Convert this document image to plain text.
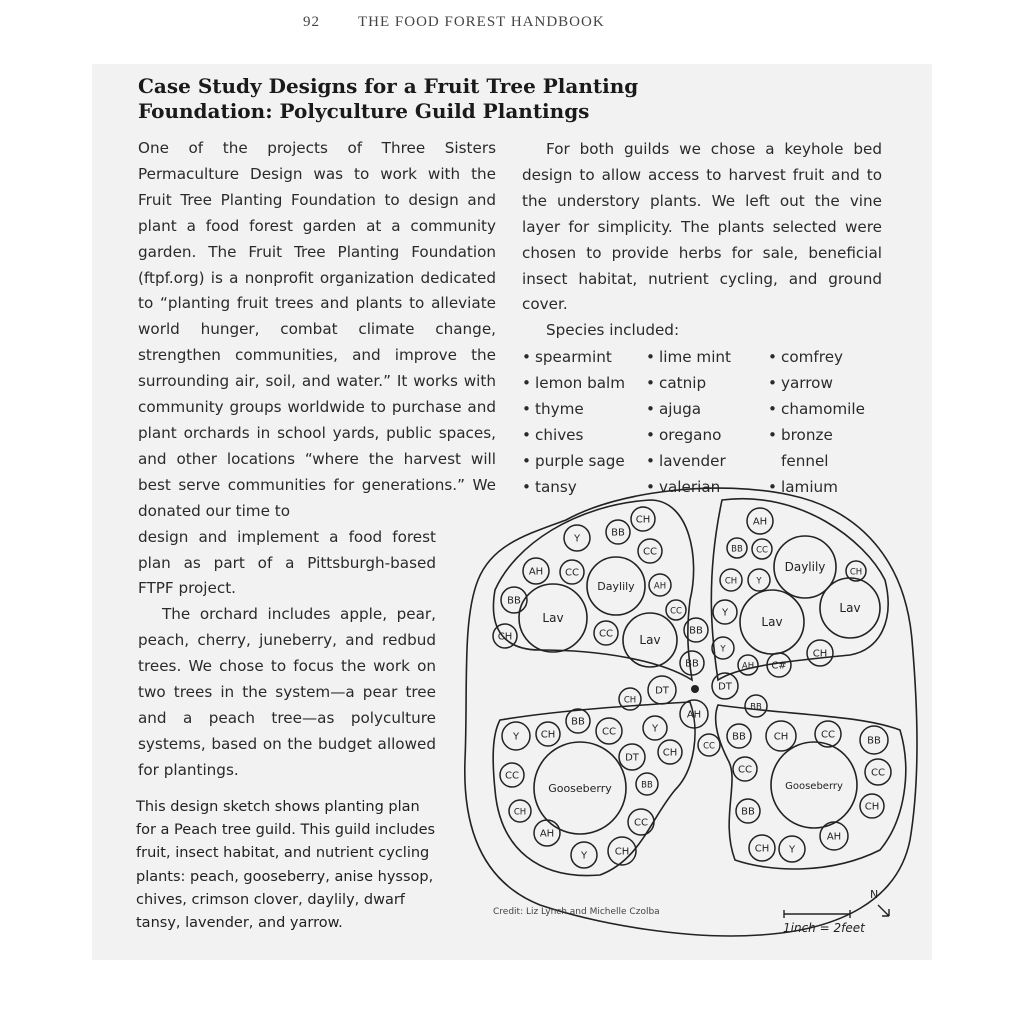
92	THE FOOD FOREST HANDBOOK
Case Study Designs for a Fruit Tree Planting Foundation: Polyculture Guild Plantings

One of the projects of Three Sisters Permaculture Design was to work with the Fruit Tree Planting Foundation to design and plant a food forest garden at a community garden. The Fruit Tree Planting Foundation (ftpf.org) is a nonprofit organization dedicated to “planting fruit trees and plants to alleviate world hunger, combat climate change, strengthen communities, and improve the surrounding air, soil, and water.” It works with community groups worldwide to purchase and plant orchards in school yards, public spaces, and other locations “where the harvest will best serve communities for generations.” We donated our time to

design and implement a food forest plan as part of a Pittsburgh-based FTPF project.

The orchard includes apple, pear, peach, cherry, juneberry, and redbud trees. We chose to focus the work on two trees in the system—a pear tree and a peach tree—as polyculture systems, based on the budget allowed for plantings.

For both guilds we chose a keyhole bed design to allow access to harvest fruit and to the understory plants. We left out the vine layer for simplicity. The plants selected were chosen to provide herbs for sale, beneficial insect habitat, nutrient cycling, and ground cover.

Species included:

• spearmint
• lemon balm
• thyme
• chives
• purple sage
• tansy
• lime mint
• catnip
• ajuga
• oregano
• lavender
• valerian
• comfrey
• yarrow
• chamomile
• bronze
fennel
• lamium
Lav
Daylily
Lav
Daylily
Lav
Lav
Gooseberry	Gooseberry
Y
BB
CH
CC
AH CC
AH
BB
CH	CC
CC
BB
Y
AH
BB CC
CH Y
CH
CH
C#
AH
BB
Y
CH
DT	DT
AH
BB
Y
CH
BB
CC
DT CH
CC
BB	CH	CC
BB
Y
CC
CH
AH
Y	CH
BB
CC
CC
BB
CC
CH
AH
Y
CH
Credit: Liz Lynch and Michelle Czolba
N
1inch = 2feet
This design sketch shows planting plan for a Peach tree guild. This guild includes fruit, insect habitat, and nutrient cycling plants: peach, gooseberry, anise hyssop, chives, crimson clover, daylily, dwarf tansy, lavender, and yarrow.
